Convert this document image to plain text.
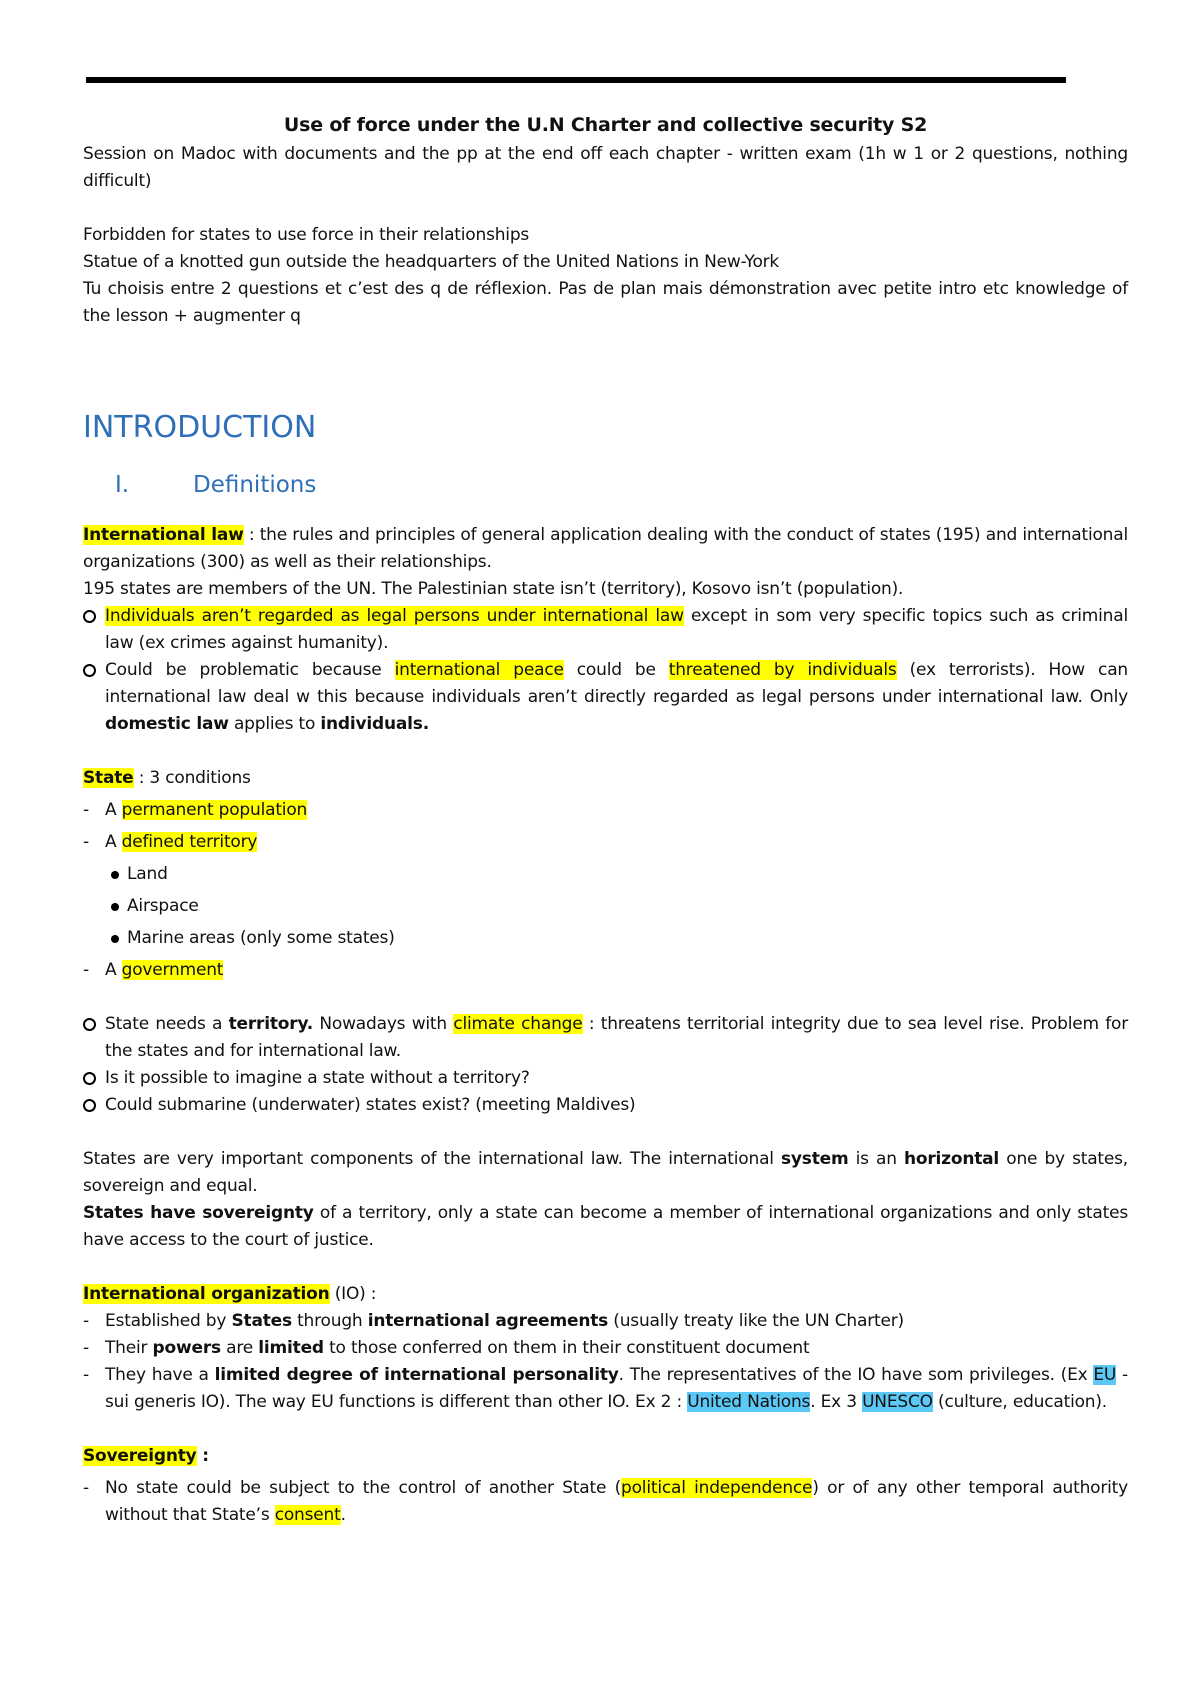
Use of force under the U.N Charter and collective security S2

Session on Madoc with documents and the pp at the end off each chapter - written exam (1h w 1 or 2 questions, nothing difficult)

Forbidden for states to use force in their relationships

Statue of a knotted gun outside the headquarters of the United Nations in New-York

Tu choisis entre 2 questions et c’est des q de réflexion. Pas de plan mais démonstration avec petite intro etc knowledge of the lesson + augmenter q

INTRODUCTION
I.	Definitions

International law : the rules and principles of general application dealing with the conduct of states (195) and international organizations (300) as well as their relationships.

195 states are members of the UN. The Palestinian state isn’t (territory), Kosovo isn’t (population).

Individuals aren’t regarded as legal persons under international law except in som very specific topics such as criminal law (ex crimes against humanity).
Could be problematic because international peace could be threatened by individuals (ex terrorists). How can international law deal w this because individuals aren’t directly regarded as legal persons under international law. Only domestic law applies to individuals.

State : 3 conditions

- A permanent population
- A defined territory
Land
Airspace
Marine areas (only some states)
- A government
State needs a territory. Nowadays with climate change : threatens territorial integrity due to sea level rise. Problem for the states and for international law.
Is it possible to imagine a state without a territory?
Could submarine (underwater) states exist? (meeting Maldives)

States are very important components of the international law. The international system is an horizontal one by states, sovereign and equal.

States have sovereignty of a territory, only a state can become a member of international organizations and only states have access to the court of justice.

International organization (IO) :

- Established by States through international agreements (usually treaty like the UN Charter)
- Their powers are limited to those conferred on them in their constituent document
- They have a limited degree of international personality. The representatives of the IO have som privileges. (Ex EU - sui generis IO). The way EU functions is different than other IO. Ex 2 : United Nations. Ex 3 UNESCO (culture, education).

Sovereignty :

- No state could be subject to the control of another State (political independence) or of any other temporal authority without that State’s consent.
